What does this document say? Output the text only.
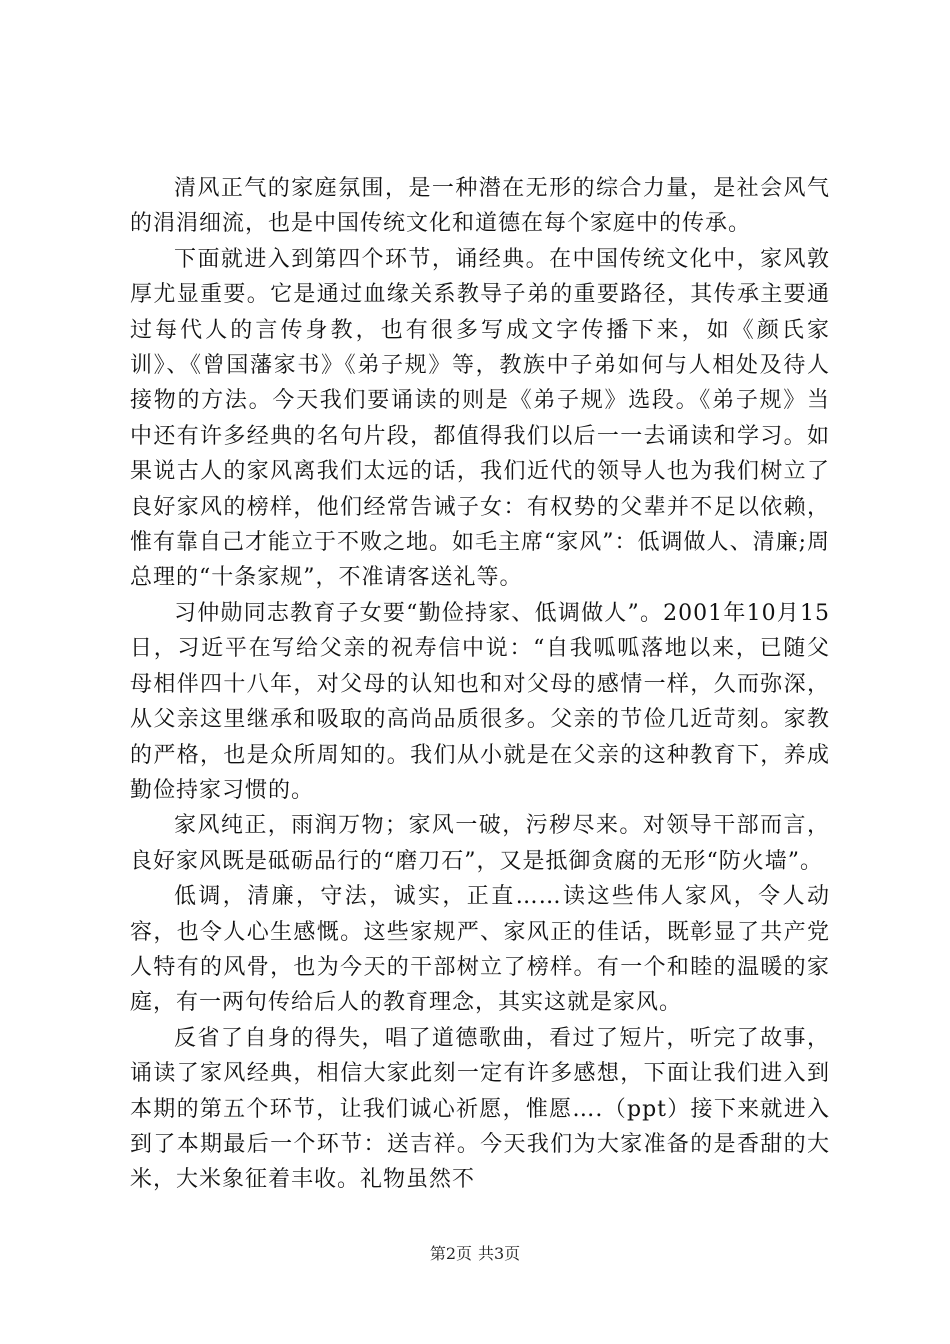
清风正气的家庭氛围，是一种潜在无形的综合力量，是社会风气的涓涓细流，也是中国传统文化和道德在每个家庭中的传承。

下面就进入到第四个环节，诵经典。在中国传统文化中，家风敦厚尤显重要。它是通过血缘关系教导子弟的重要路径，其传承主要通过每代人的言传身教，也有很多写成文字传播下来，如《颜氏家训》、《曾国藩家书》《弟子规》等，教族中子弟如何与人相处及待人接物的方法。今天我们要诵读的则是《弟子规》选段。《弟子规》当中还有许多经典的名句片段，都值得我们以后一一去诵读和学习。如果说古人的家风离我们太远的话，我们近代的领导人也为我们树立了良好家风的榜样，他们经常告诫子女：有权势的父辈并不足以依赖，惟有靠自己才能立于不败之地。如毛主席“家风”：低调做人、清廉;周总理的“十条家规”，不准请客送礼等。

习仲勋同志教育子女要“勤俭持家、低调做人”。2001年10月15日，习近平在写给父亲的祝寿信中说：“自我呱呱落地以来，已随父母相伴四十八年，对父母的认知也和对父母的感情一样，久而弥深，从父亲这里继承和吸取的高尚品质很多。父亲的节俭几近苛刻。家教的严格，也是众所周知的。我们从小就是在父亲的这种教育下，养成勤俭持家习惯的。

家风纯正，雨润万物；家风一破，污秽尽来。对领导干部而言，良好家风既是砥砺品行的“磨刀石”，又是抵御贪腐的无形“防火墙”。

低调，清廉，守法，诚实，正直……读这些伟人家风，令人动容，也令人心生感慨。这些家规严、家风正的佳话，既彰显了共产党人特有的风骨，也为今天的干部树立了榜样。有一个和睦的温暖的家庭，有一两句传给后人的教育理念，其实这就是家风。

反省了自身的得失，唱了道德歌曲，看过了短片，听完了故事，诵读了家风经典，相信大家此刻一定有许多感想，下面让我们进入到本期的第五个环节，让我们诚心祈愿，惟愿….（ppt）接下来就进入到了本期最后一个环节：送吉祥。今天我们为大家准备的是香甜的大米，大米象征着丰收。礼物虽然不

第2页 共3页
